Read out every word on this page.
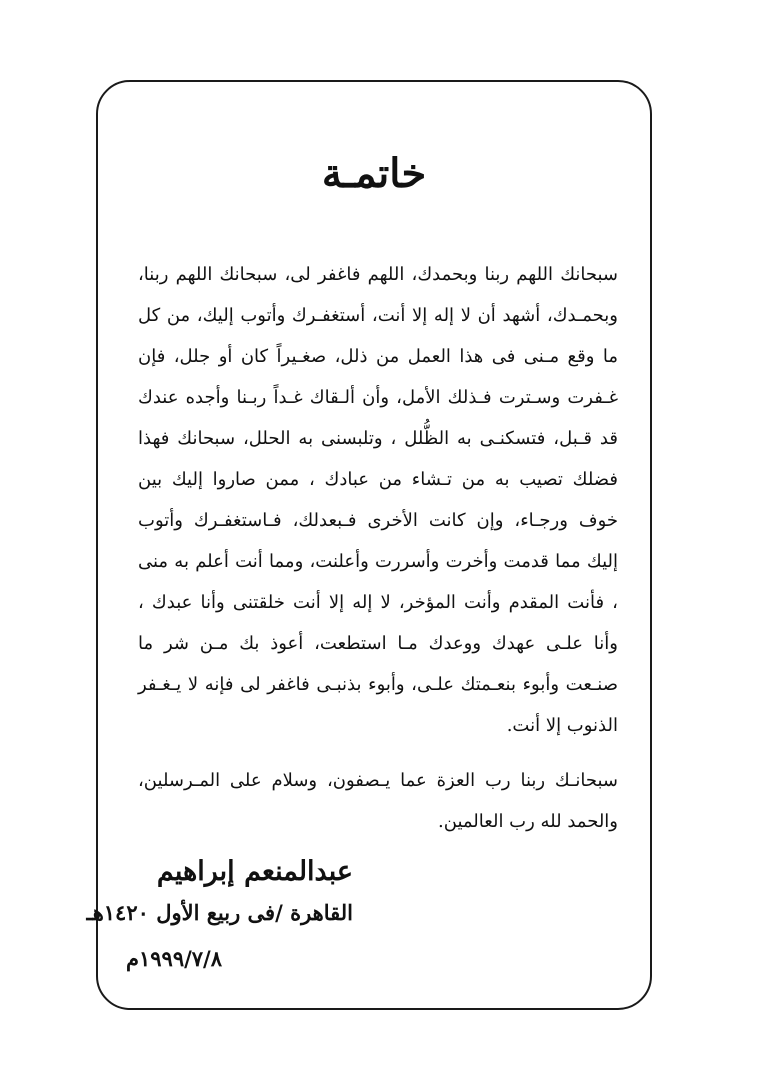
خاتمـة

سبحانك اللهم ربنا وبحمدك، اللهم فاغفر لى، سبحانك اللهم ربنا، وبحمـدك، أشهد أن لا إله إلا أنت، أستغفـرك وأتوب إليك، من كل ما وقع مـنى فى هذا العمل من ذلل، صغـيراً كان أو جلل، فإن غـفرت وسـترت فـذلك الأمل، وأن ألـقاك غـداً ربـنا وأجده عندك قد قـبل، فتسكنـى به الظُّلل ، وتلبسنى به الحلل، سبحانك فهذا فضلك تصيب به من تـشاء من عبادك ، ممن صاروا إليك بين خوف ورجـاء، وإن كانت الأخرى فـبعدلك، فـاستغفـرك وأتوب إليك مما قدمت وأخرت وأسررت وأعلنت، ومما أنت أعلم به منى ، فأنت المقدم وأنت المؤخر، لا إله إلا أنت خلقتنى وأنا عبدك ، وأنا علـى عهدك ووعدك مـا استطعت، أعوذ بك مـن شر ما صنـعت وأبوء بنعـمتك علـى، وأبوء بذنبـى فاغفر لى فإنه لا يـغـفر الذنوب إلا أنت.

سبحانـك ربنا رب العزة عما يـصفون، وسلام على المـرسلين، والحمد لله رب العالمين.

عبدالمنعم إبراهيم
القاهرة /فى ربيع الأول ١٤٢٠هـ
١٩٩٩/٧/٨م
